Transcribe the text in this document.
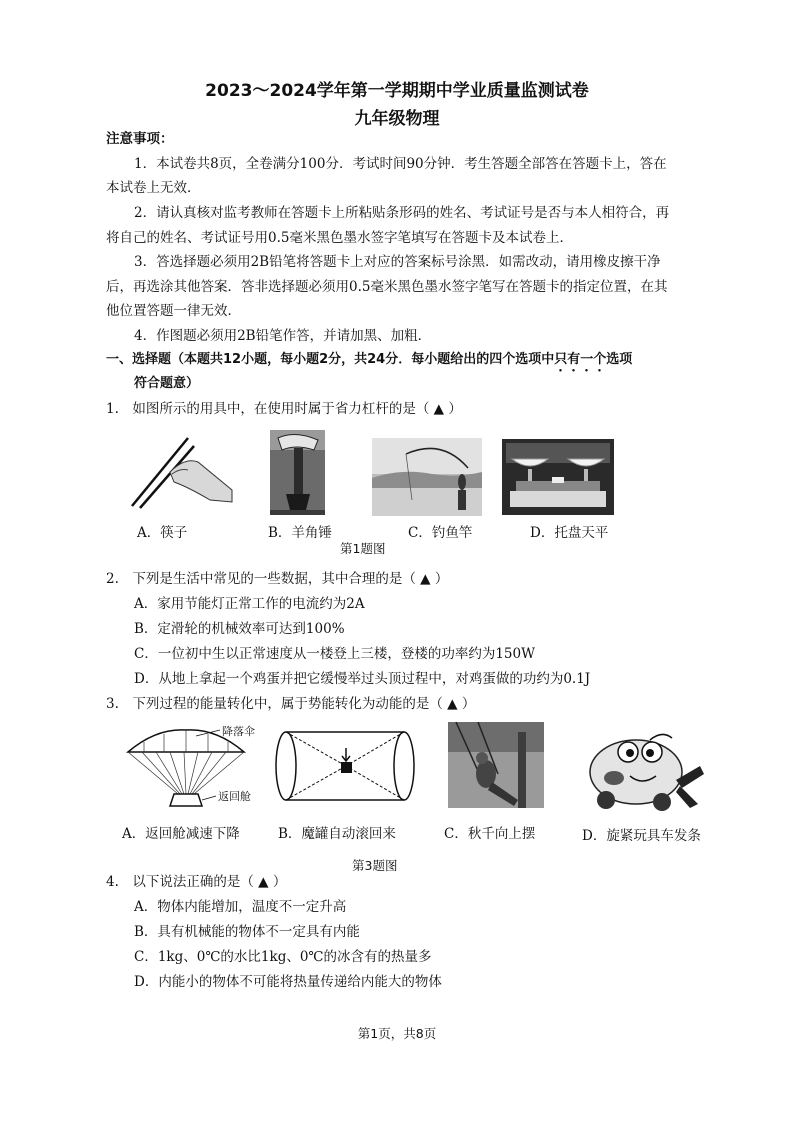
2023～2024学年第一学期期中学业质量监测试卷
九年级物理
注意事项：
1．本试卷共8页，全卷满分100分．考试时间90分钟．考生答题全部答在答题卡上，答在
本试卷上无效．
2．请认真核对监考教师在答题卡上所粘贴条形码的姓名、考试证号是否与本人相符合，再
将自己的姓名、考试证号用0.5毫米黑色墨水签字笔填写在答题卡及本试卷上．
3．答选择题必须用2B铅笔将答题卡上对应的答案标号涂黑．如需改动，请用橡皮擦干净
后，再选涂其他答案．答非选择题必须用0.5毫米黑色墨水签字笔写在答题卡的指定位置，在其
他位置答题一律无效．
4．作图题必须用2B铅笔作答，并请加黑、加粗．
一、选择题（本题共12小题，每小题2分，共24分．每小题给出的四个选项中只有一个选项
符合题意）
1.　如图所示的用具中，在使用时属于省力杠杆的是（ ▲ ）
A．筷子	B．羊角锤	C．钓鱼竿	D．托盘天平
第1题图
2.　下列是生活中常见的一些数据，其中合理的是（ ▲ ）
A．家用节能灯正常工作的电流约为2A
B．定滑轮的机械效率可达到100%
C．一位初中生以正常速度从一楼登上三楼，登楼的功率约为150W
D．从地上拿起一个鸡蛋并把它缓慢举过头顶过程中，对鸡蛋做的功约为0.1J
3.　下列过程的能量转化中，属于势能转化为动能的是（ ▲ ）
降落伞
返回舱
A．返回舱减速下降	B．魔罐自动滚回来	C．秋千向上摆	D．旋紧玩具车发条
第3题图
4.　以下说法正确的是（ ▲ ）
A．物体内能增加，温度不一定升高
B．具有机械能的物体不一定具有内能
C．1kg、0℃的水比1kg、0℃的冰含有的热量多
D．内能小的物体不可能将热量传递给内能大的物体
第1页，共8页
